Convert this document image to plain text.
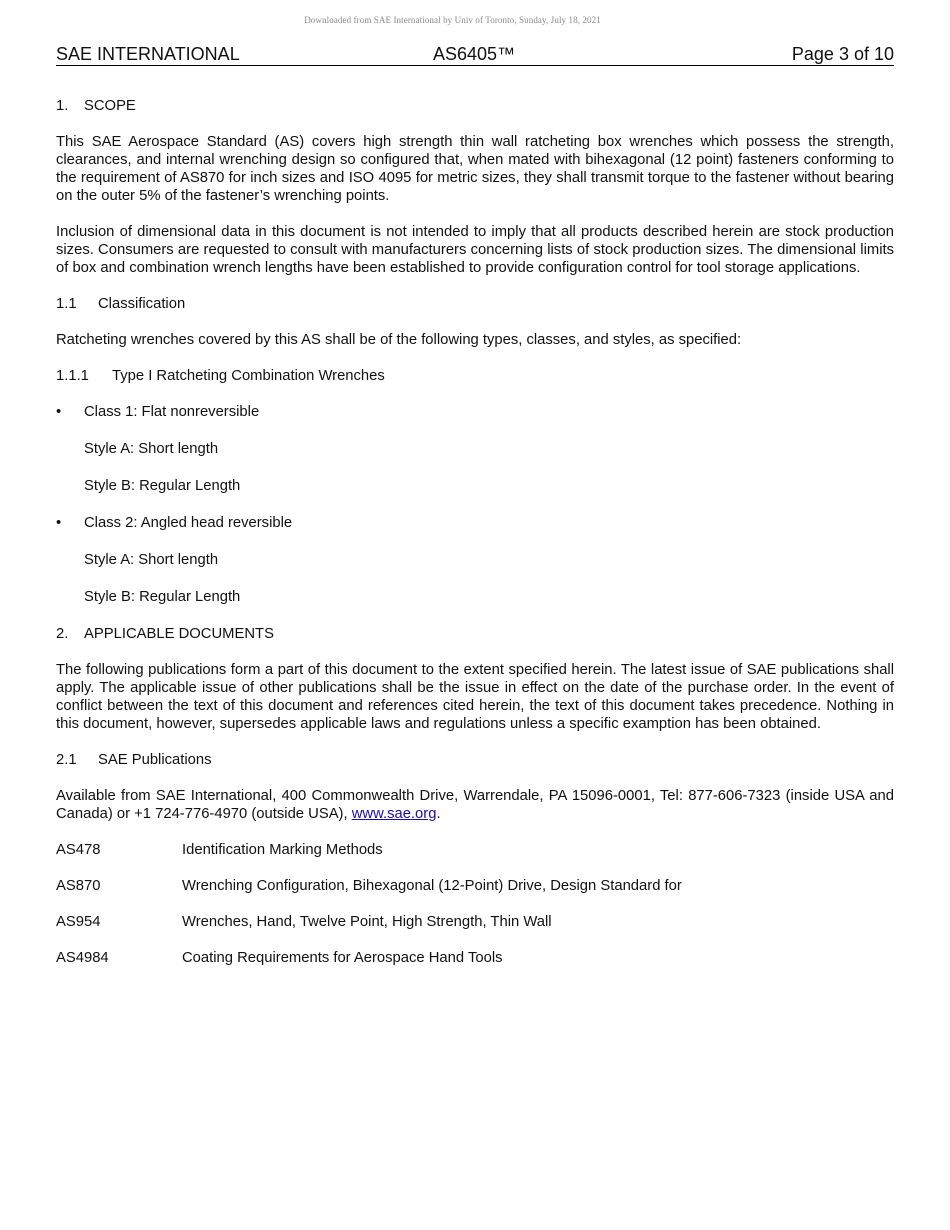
Downloaded from SAE International by Univ of Toronto, Sunday, July 18, 2021
SAE INTERNATIONAL	AS6405™	Page 3 of 10
1. SCOPE

This SAE Aerospace Standard (AS) covers high strength thin wall ratcheting box wrenches which possess the strength, clearances, and internal wrenching design so configured that, when mated with bihexagonal (12 point) fasteners conforming to the requirement of AS870 for inch sizes and ISO 4095 for metric sizes, they shall transmit torque to the fastener without bearing on the outer 5% of the fastener’s wrenching points.

Inclusion of dimensional data in this document is not intended to imply that all products described herein are stock production sizes. Consumers are requested to consult with manufacturers concerning lists of stock production sizes. The dimensional limits of box and combination wrench lengths have been established to provide configuration control for tool storage applications.

1.1 Classification

Ratcheting wrenches covered by this AS shall be of the following types, classes, and styles, as specified:

1.1.1 Type I Ratcheting Combination Wrenches
• Class 1: Flat nonreversible
Style A: Short length
Style B: Regular Length
• Class 2: Angled head reversible
Style A: Short length
Style B: Regular Length
2. APPLICABLE DOCUMENTS

The following publications form a part of this document to the extent specified herein. The latest issue of SAE publications shall apply. The applicable issue of other publications shall be the issue in effect on the date of the purchase order. In the event of conflict between the text of this document and references cited herein, the text of this document takes precedence. Nothing in this document, however, supersedes applicable laws and regulations unless a specific examption has been obtained.

2.1 SAE Publications

Available from SAE International, 400 Commonwealth Drive, Warrendale, PA 15096-0001, Tel: 877-606-7323 (inside USA and Canada) or +1 724-776-4970 (outside USA), www.sae.org.

AS478	Identification Marking Methods
AS870	Wrenching Configuration, Bihexagonal (12-Point) Drive, Design Standard for
AS954	Wrenches, Hand, Twelve Point, High Strength, Thin Wall
AS4984	Coating Requirements for Aerospace Hand Tools
